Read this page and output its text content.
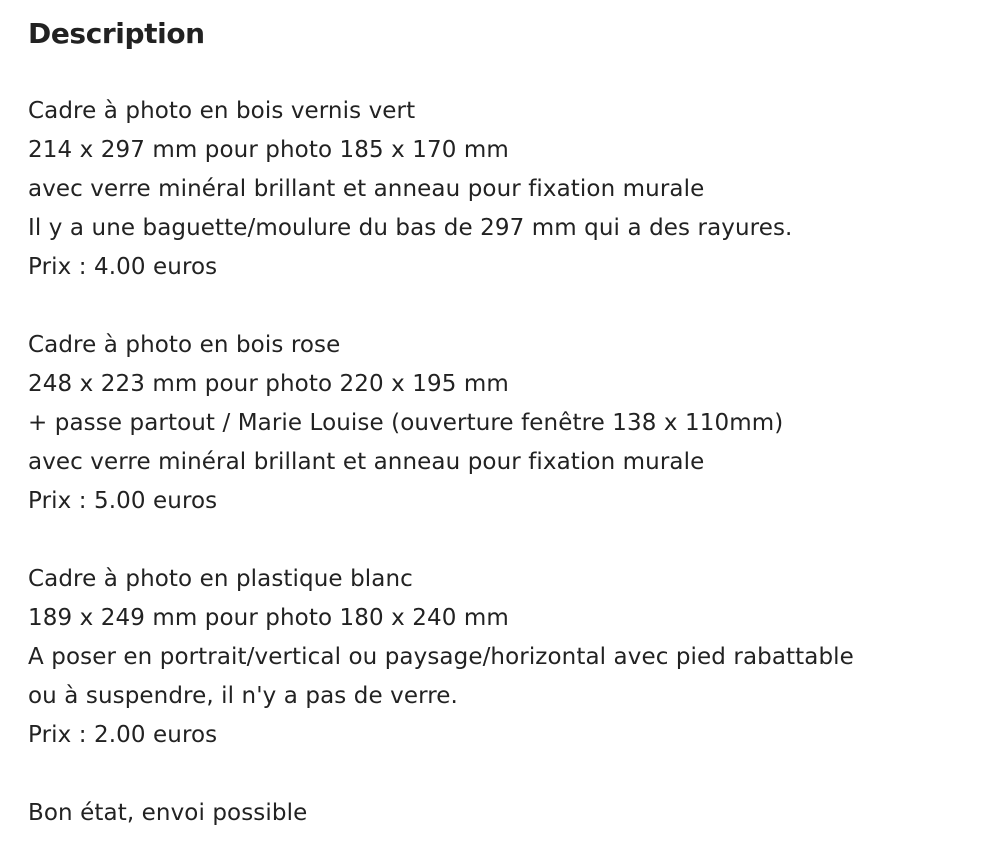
Description
Cadre à photo en bois vernis vert
214 x 297 mm pour photo 185 x 170 mm
avec verre minéral brillant et anneau pour fixation murale
Il y a une baguette/moulure du bas de 297 mm qui a des rayures.
Prix : 4.00 euros
Cadre à photo en bois rose
248 x 223 mm pour photo 220 x 195 mm
+ passe partout / Marie Louise (ouverture fenêtre 138 x 110mm)
avec verre minéral brillant et anneau pour fixation murale
Prix : 5.00 euros
Cadre à photo en plastique blanc
189 x 249 mm pour photo 180 x 240 mm
A poser en portrait/vertical ou paysage/horizontal avec pied rabattable
ou à suspendre, il n'y a pas de verre.
Prix : 2.00 euros
Bon état, envoi possible
